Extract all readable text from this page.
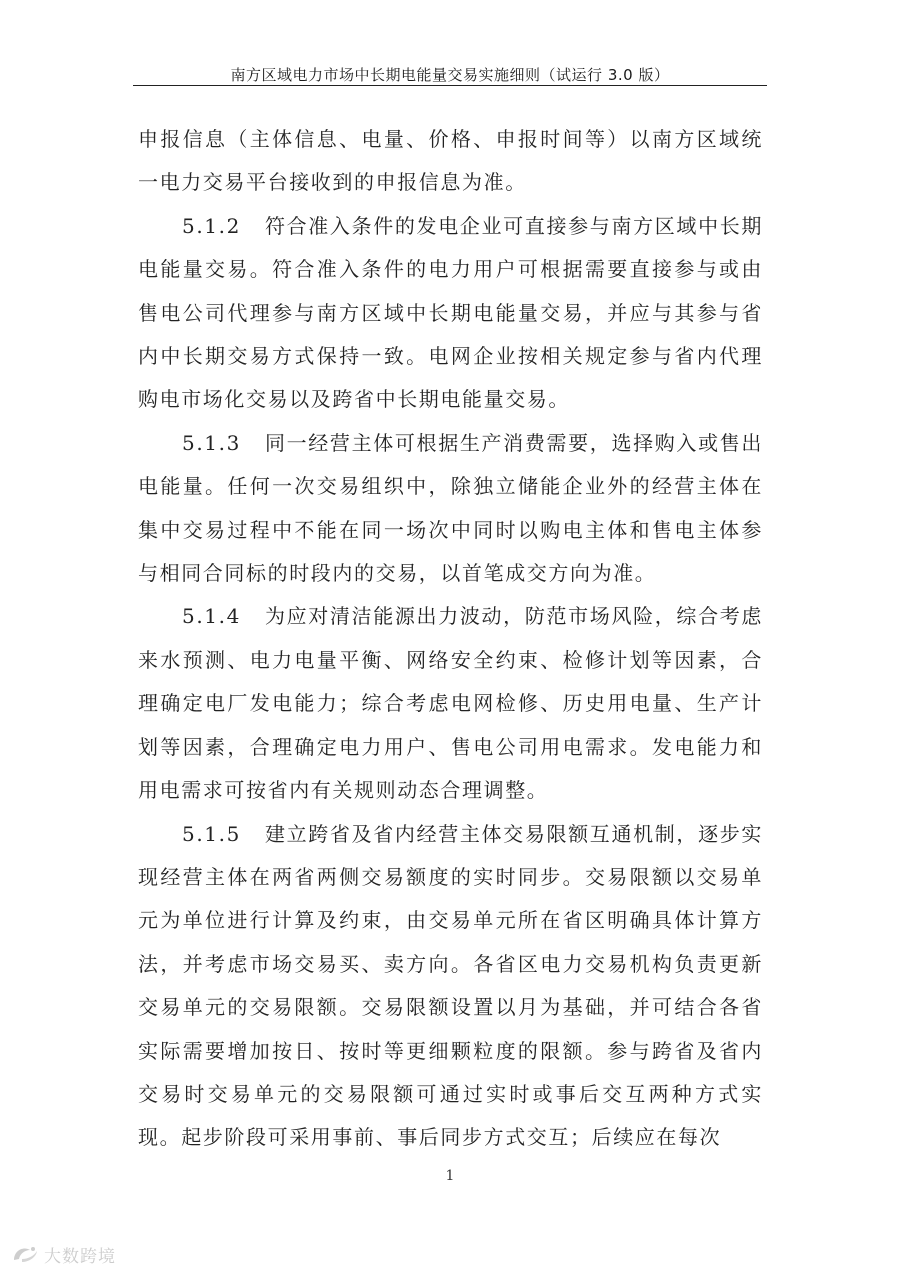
南方区域电力市场中长期电能量交易实施细则（试运行 3.0 版）

申报信息（主体信息、电量、价格、申报时间等）以南方区域统一电力交易平台接收到的申报信息为准。

5.1.2 符合准入条件的发电企业可直接参与南方区域中长期电能量交易。符合准入条件的电力用户可根据需要直接参与或由售电公司代理参与南方区域中长期电能量交易，并应与其参与省内中长期交易方式保持一致。电网企业按相关规定参与省内代理购电市场化交易以及跨省中长期电能量交易。

5.1.3 同一经营主体可根据生产消费需要，选择购入或售出电能量。任何一次交易组织中，除独立储能企业外的经营主体在集中交易过程中不能在同一场次中同时以购电主体和售电主体参与相同合同标的时段内的交易，以首笔成交方向为准。

5.1.4 为应对清洁能源出力波动，防范市场风险，综合考虑来水预测、电力电量平衡、网络安全约束、检修计划等因素，合理确定电厂发电能力；综合考虑电网检修、历史用电量、生产计划等因素，合理确定电力用户、售电公司用电需求。发电能力和用电需求可按省内有关规则动态合理调整。

5.1.5 建立跨省及省内经营主体交易限额互通机制，逐步实现经营主体在两省两侧交易额度的实时同步。交易限额以交易单元为单位进行计算及约束，由交易单元所在省区明确具体计算方法，并考虑市场交易买、卖方向。各省区电力交易机构负责更新交易单元的交易限额。交易限额设置以月为基础，并可结合各省实际需要增加按日、按时等更细颗粒度的限额。参与跨省及省内交易时交易单元的交易限额可通过实时或事后交互两种方式实现。起步阶段可采用事前、事后同步方式交互；后续应在每次

1
大数跨境
